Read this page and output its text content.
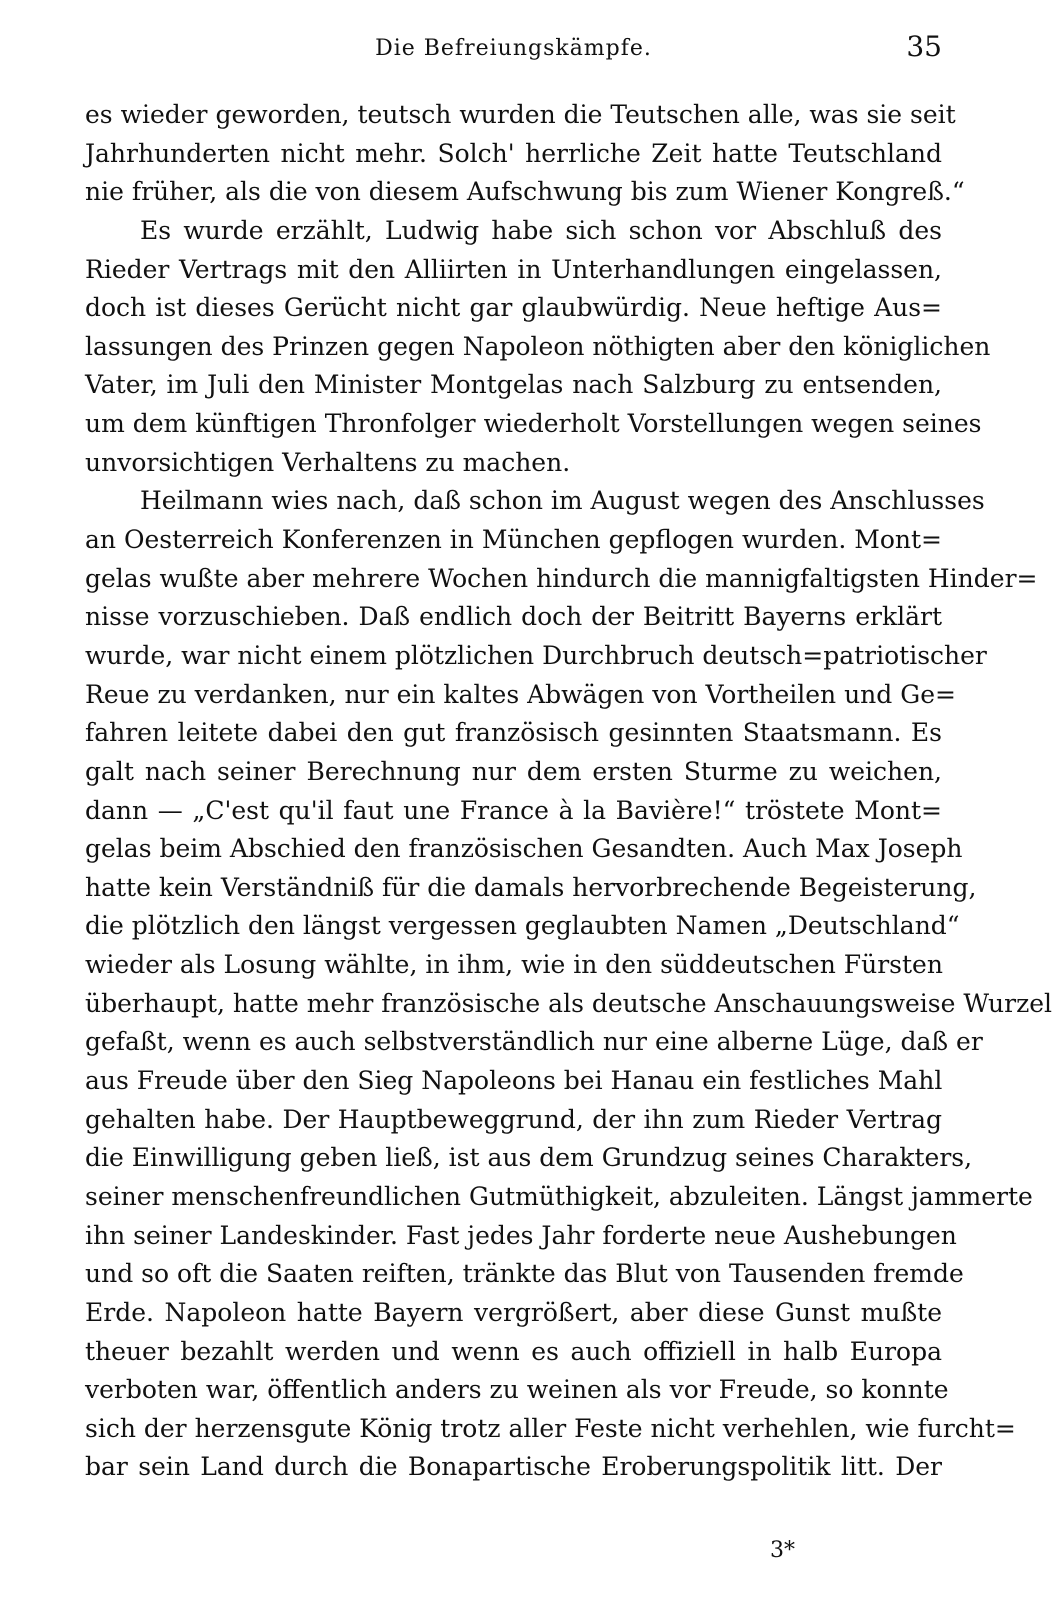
Die Befreiungskämpfe.	35
es wieder geworden, teutsch wurden die Teutschen alle, was sie seit
Jahrhunderten nicht mehr. Solch' herrliche Zeit hatte Teutschland
nie früher, als die von diesem Aufschwung bis zum Wiener Kongreß.“
Es wurde erzählt, Ludwig habe sich schon vor Abschluß des
Rieder Vertrags mit den Alliirten in Unterhandlungen eingelassen,
doch ist dieses Gerücht nicht gar glaubwürdig. Neue heftige Aus=
lassungen des Prinzen gegen Napoleon nöthigten aber den königlichen
Vater, im Juli den Minister Montgelas nach Salzburg zu entsenden,
um dem künftigen Thronfolger wiederholt Vorstellungen wegen seines
unvorsichtigen Verhaltens zu machen.
Heilmann wies nach, daß schon im August wegen des Anschlusses
an Oesterreich Konferenzen in München gepflogen wurden. Mont=
gelas wußte aber mehrere Wochen hindurch die mannigfaltigsten Hinder=
nisse vorzuschieben. Daß endlich doch der Beitritt Bayerns erklärt
wurde, war nicht einem plötzlichen Durchbruch deutsch=patriotischer
Reue zu verdanken, nur ein kaltes Abwägen von Vortheilen und Ge=
fahren leitete dabei den gut französisch gesinnten Staatsmann. Es
galt nach seiner Berechnung nur dem ersten Sturme zu weichen,
dann — „C'est qu'il faut une France à la Bavière!“ tröstete Mont=
gelas beim Abschied den französischen Gesandten. Auch Max Joseph
hatte kein Verständniß für die damals hervorbrechende Begeisterung,
die plötzlich den längst vergessen geglaubten Namen „Deutschland“
wieder als Losung wählte, in ihm, wie in den süddeutschen Fürsten
überhaupt, hatte mehr französische als deutsche Anschauungsweise Wurzel
gefaßt, wenn es auch selbstverständlich nur eine alberne Lüge, daß er
aus Freude über den Sieg Napoleons bei Hanau ein festliches Mahl
gehalten habe. Der Hauptbeweggrund, der ihn zum Rieder Vertrag
die Einwilligung geben ließ, ist aus dem Grundzug seines Charakters,
seiner menschenfreundlichen Gutmüthigkeit, abzuleiten. Längst jammerte
ihn seiner Landeskinder. Fast jedes Jahr forderte neue Aushebungen
und so oft die Saaten reiften, tränkte das Blut von Tausenden fremde
Erde. Napoleon hatte Bayern vergrößert, aber diese Gunst mußte
theuer bezahlt werden und wenn es auch offiziell in halb Europa
verboten war, öffentlich anders zu weinen als vor Freude, so konnte
sich der herzensgute König trotz aller Feste nicht verhehlen, wie furcht=
bar sein Land durch die Bonapartische Eroberungspolitik litt. Der
3*
